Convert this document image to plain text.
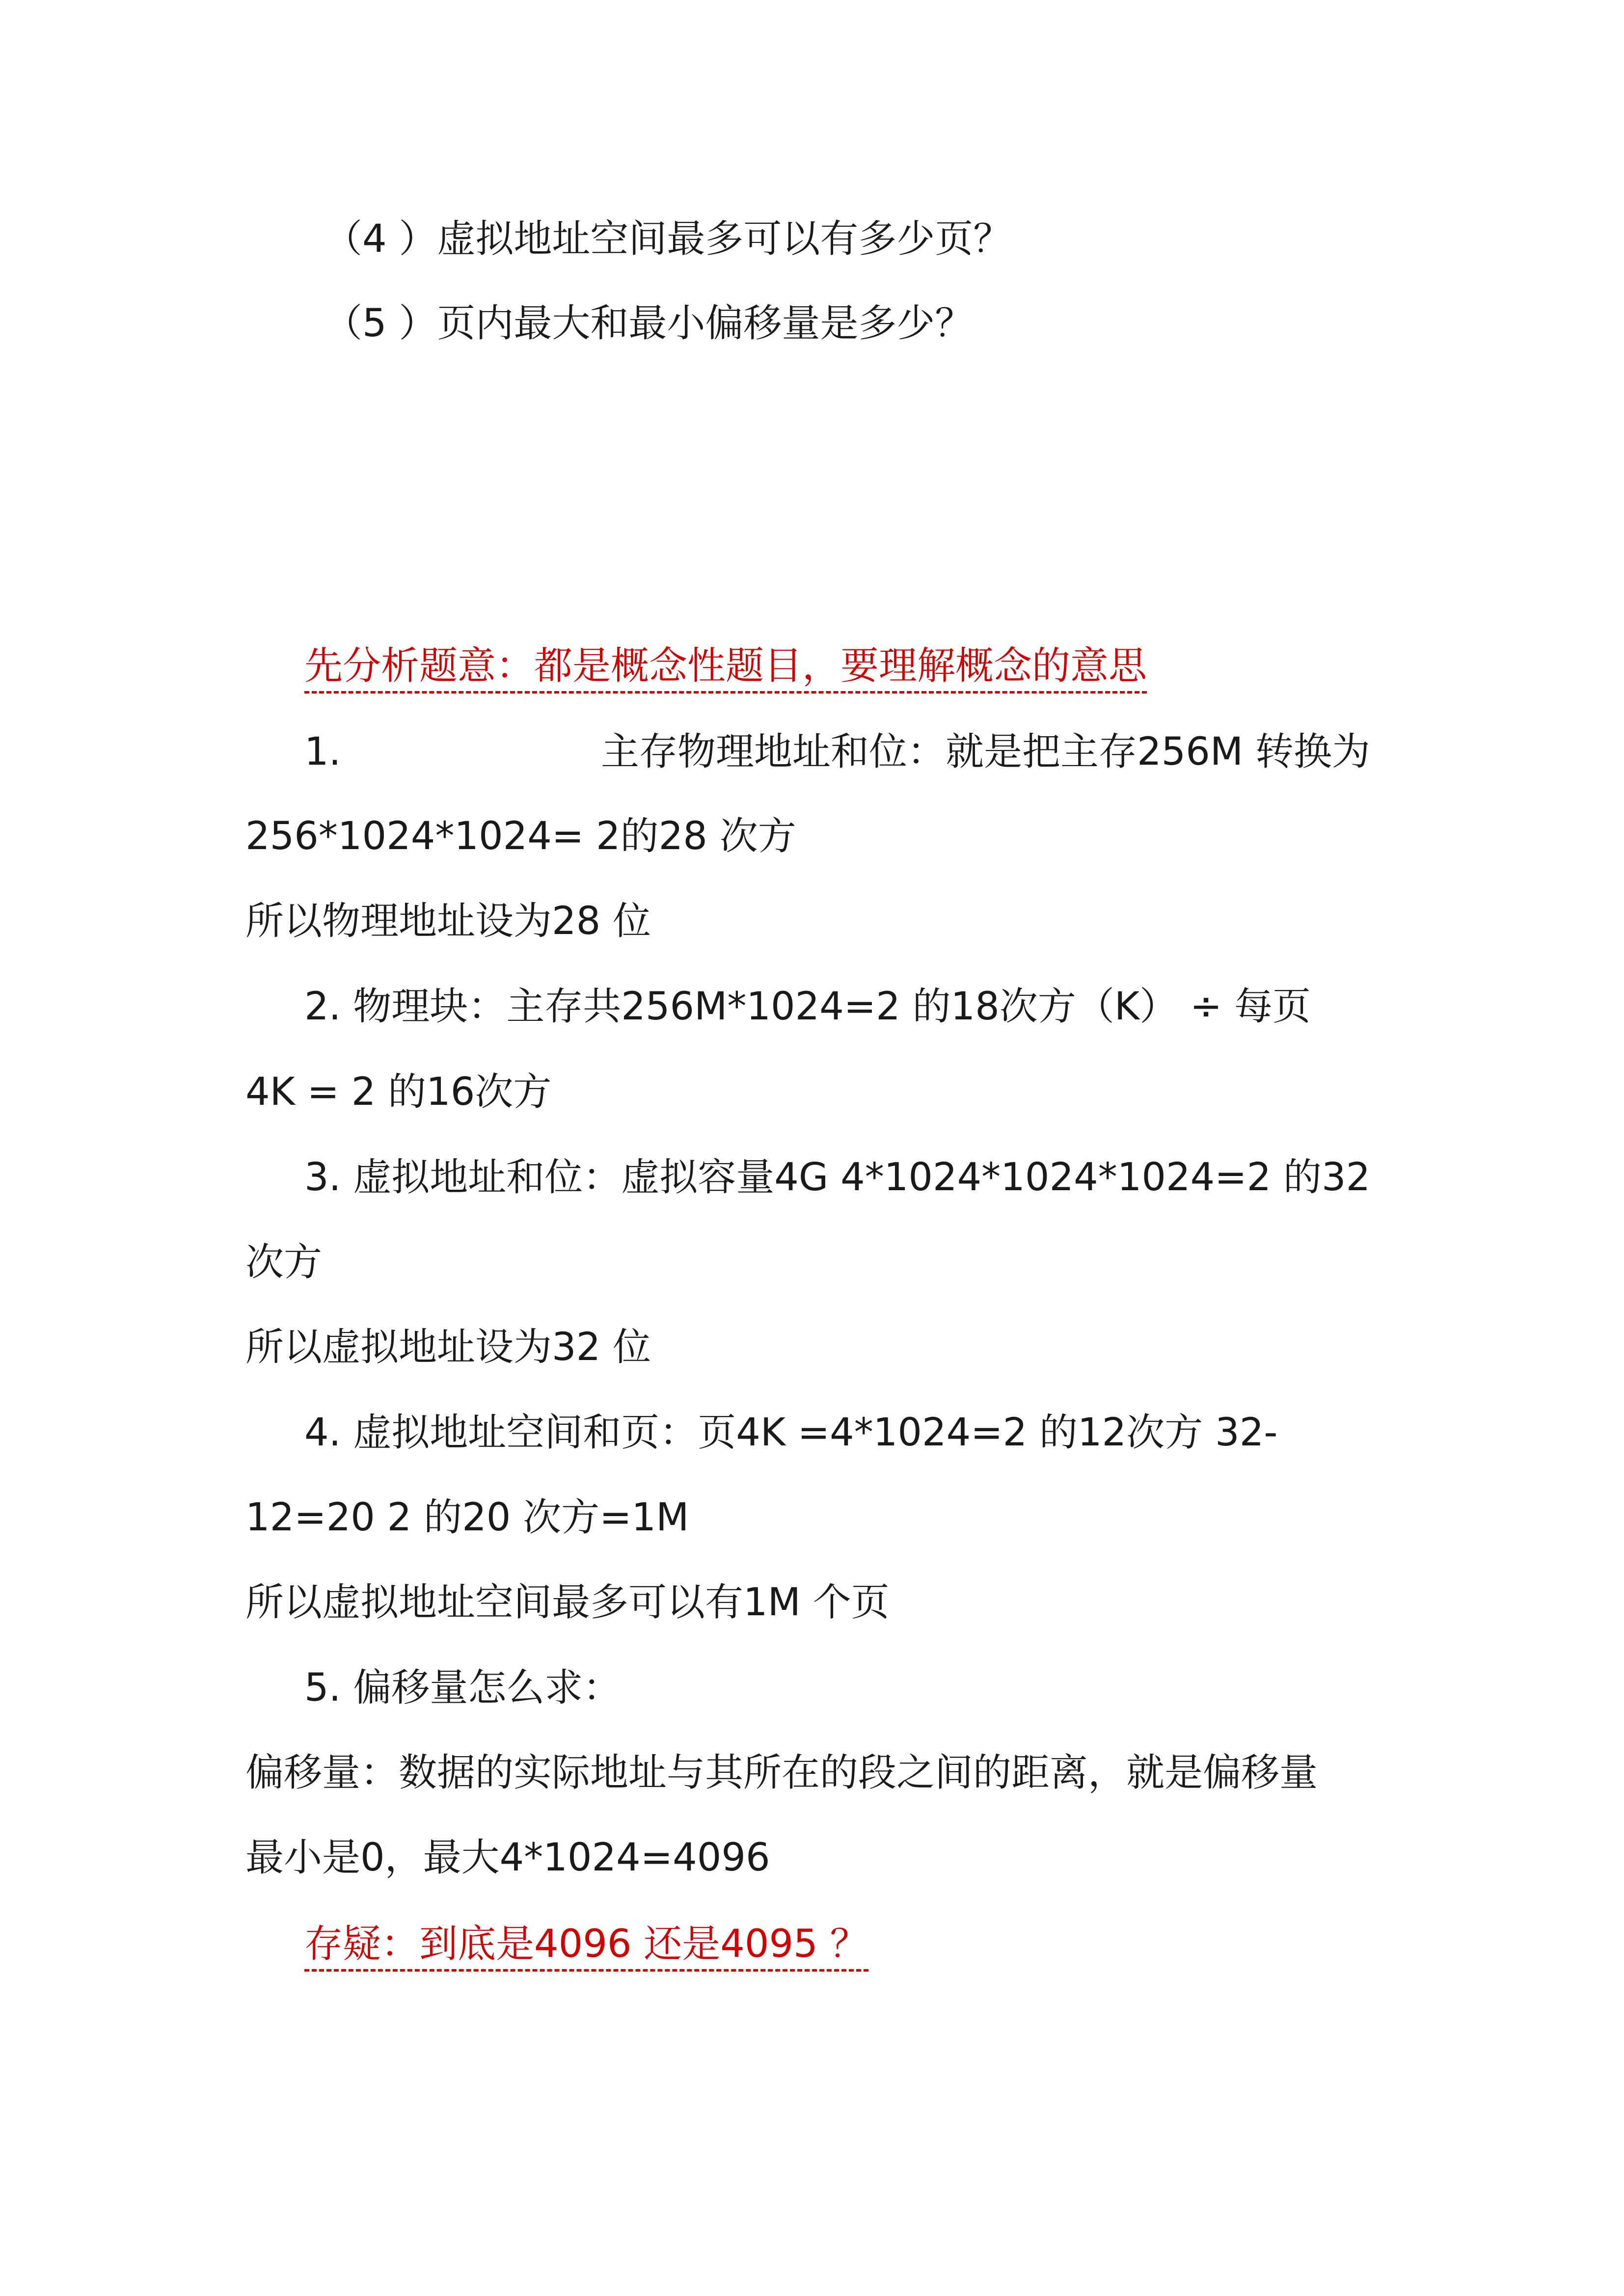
（4 ）虚拟地址空间最多可以有多少页？
（5 ）页内最大和最小偏移量是多少？
先分析题意：都是概念性题目，要理解概念的意思
1.	主存物理地址和位：就是把主存256M 转换为
256*1024*1024= 2的28 次方
所以物理地址设为28 位
2. 物理块：主存共256M*1024=2 的18次方（K） ÷ 每页
4K = 2 的16次方
3. 虚拟地址和位：虚拟容量4G 4*1024*1024*1024=2 的32
次方
所以虚拟地址设为32 位
4. 虚拟地址空间和页：页4K =4*1024=2 的12次方 32-
12=20 2 的20 次方=1M
所以虚拟地址空间最多可以有1M 个页
5. 偏移量怎么求：
偏移量：数据的实际地址与其所在的段之间的距离，就是偏移量
最小是0，最大4*1024=4096
存疑：到底是4096 还是4095 ？
